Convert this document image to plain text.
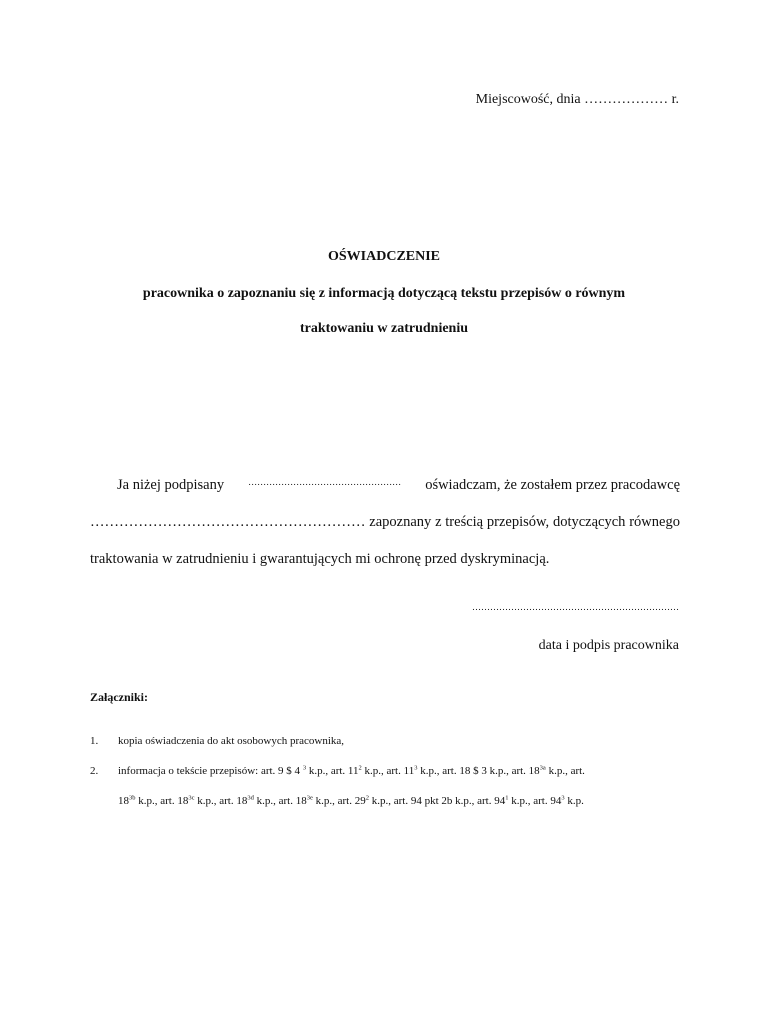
Miejscowość, dnia ……………… r.
OŚWIADCZENIE
pracownika o zapoznaniu się z informacją dotyczącą tekstu przepisów o równym
traktowaniu w zatrudnieniu
Ja niżej podpisany	…………………………………………… oświadczam, że zostałem przez pracodawcę
………………………………………………… zapoznany z treścią przepisów, dotyczących równego
traktowania w zatrudnieniu i gwarantujących mi ochronę przed dyskryminacją.
……………………………………………………………
data i podpis pracownika
Załączniki:
1. kopia oświadczenia do akt osobowych pracownika,
2. informacja o tekście przepisów: art. 9 $ 4 $^3$ k.p., art. $11^2$ k.p., art. $11^3$ k.p., art. 18 $ 3 k.p., art. $18^{3a}$ k.p., art.
$18^{3b}$ k.p., art. $18^{3c}$ k.p., art. $18^{3d}$ k.p., art. $18^{3e}$ k.p., art. $29^2$ k.p., art. 94 pkt 2b k.p., art. $94^1$ k.p., art. $94^3$ k.p.
